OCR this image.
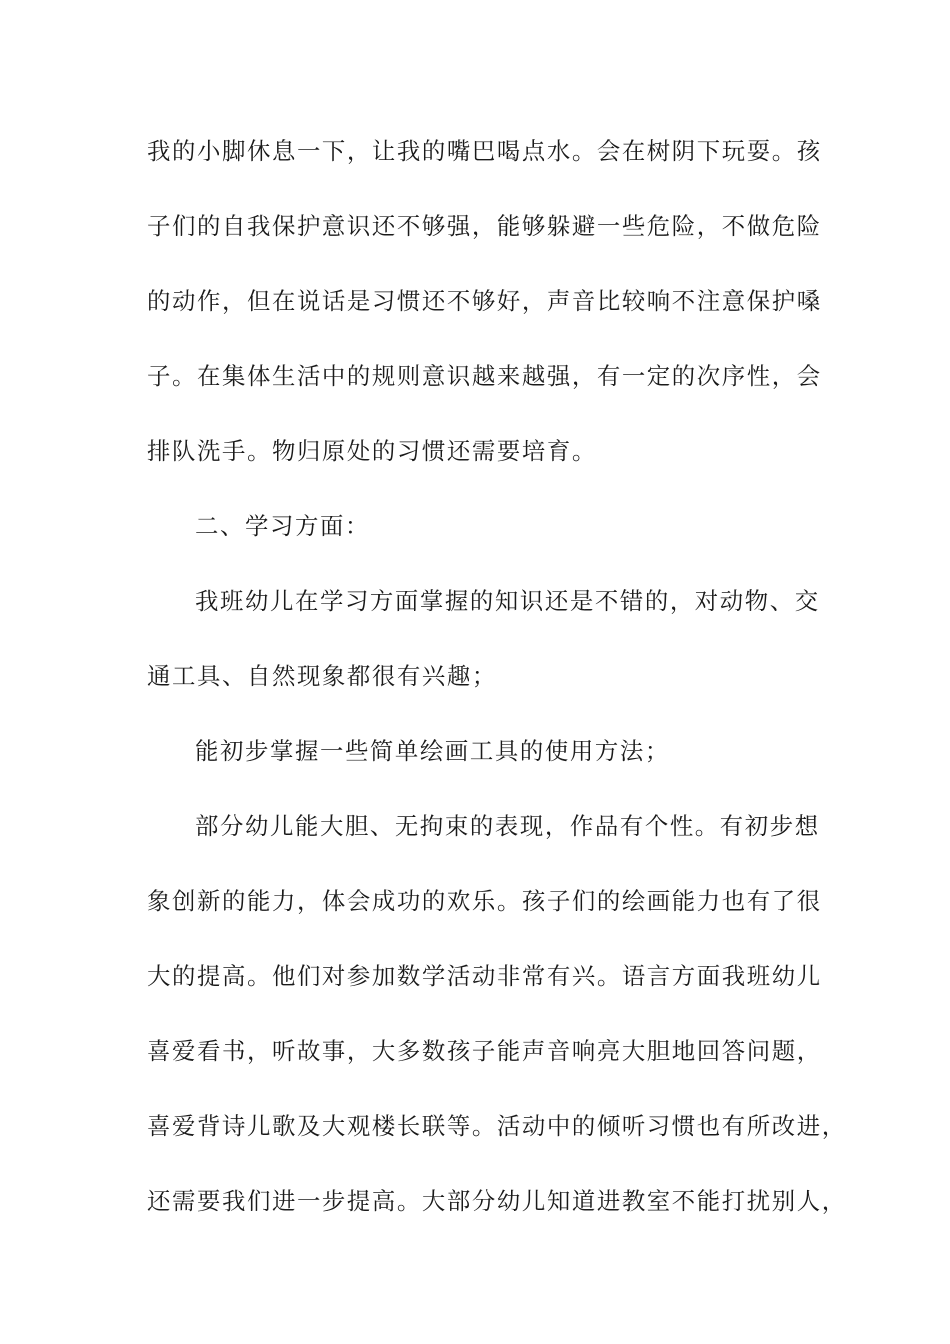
我的小脚休息一下，让我的嘴巴喝点水。会在树阴下玩耍。孩
子们的自我保护意识还不够强，能够躲避一些危险，不做危险
的动作，但在说话是习惯还不够好，声音比较响不注意保护嗓
子。在集体生活中的规则意识越来越强，有一定的次序性，会
排队洗手。物归原处的习惯还需要培育。
二、学习方面：
我班幼儿在学习方面掌握的知识还是不错的，对动物、交
通工具、自然现象都很有兴趣；
能初步掌握一些简单绘画工具的使用方法；
部分幼儿能大胆、无拘束的表现，作品有个性。有初步想
象创新的能力，体会成功的欢乐。孩子们的绘画能力也有了很
大的提高。他们对参加数学活动非常有兴。语言方面我班幼儿
喜爱看书，听故事，大多数孩子能声音响亮大胆地回答问题，
喜爱背诗儿歌及大观楼长联等。活动中的倾听习惯也有所改进，
还需要我们进一步提高。大部分幼儿知道进教室不能打扰别人，
